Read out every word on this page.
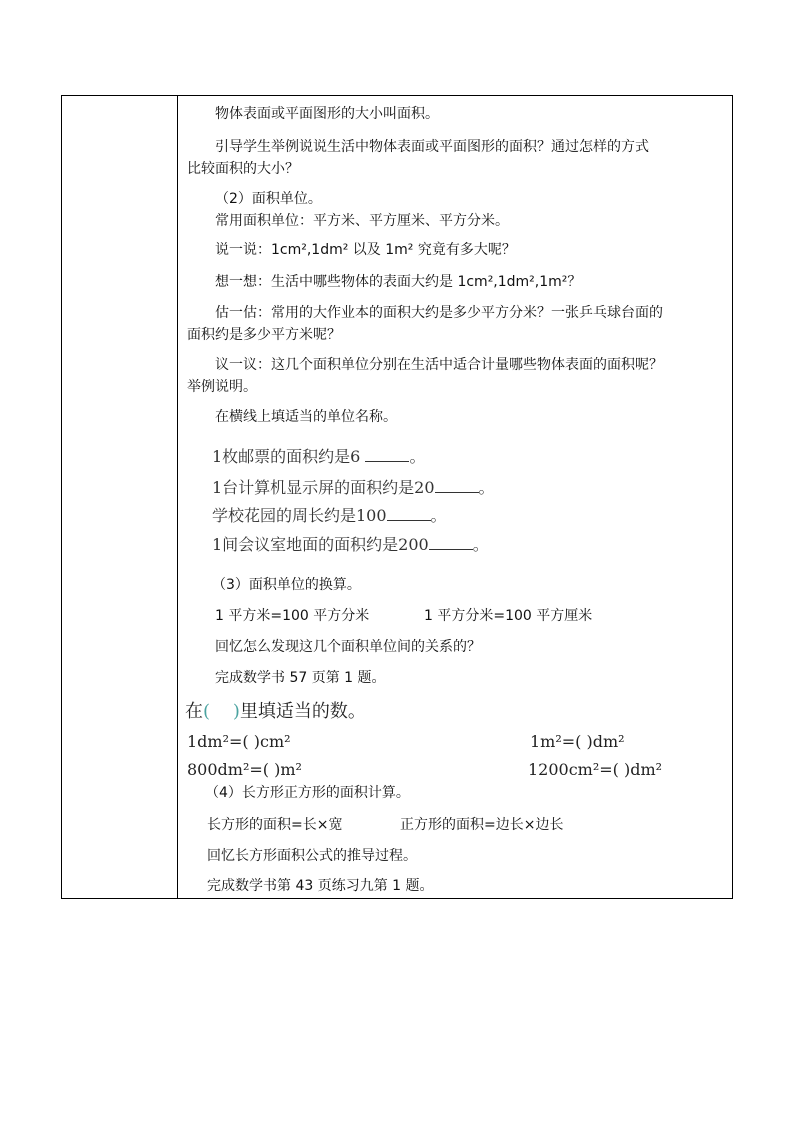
物体表面或平面图形的大小叫面积。
引导学生举例说说生活中物体表面或平面图形的面积？通过怎样的方式
比较面积的大小？
（2）面积单位。
常用面积单位：平方米、平方厘米、平方分米。
说一说：1cm²,1dm² 以及 1m² 究竟有多大呢？
想一想：生活中哪些物体的表面大约是 1cm²,1dm²,1m²？
估一估：常用的大作业本的面积大约是多少平方分米？一张乒乓球台面的
面积约是多少平方米呢？
议一议：这几个面积单位分别在生活中适合计量哪些物体表面的面积呢？
举例说明。
在横线上填适当的单位名称。
1枚邮票的面积约是6	。
1台计算机显示屏的面积约是20	。
学校花园的周长约是100	。
1间会议室地面的面积约是200	。
（3）面积单位的换算。
1 平方米=100 平方分米	1 平方分米=100 平方厘米
回忆怎么发现这几个面积单位间的关系的？
完成数学书 57 页第 1 题。
在(    )里填适当的数。
1dm²=( )cm²	1m²=( )dm²
800dm²=( )m²	1200cm²=( )dm²
（4）长方形正方形的面积计算。
长方形的面积=长×宽	正方形的面积=边长×边长
回忆长方形面积公式的推导过程。
完成数学书第 43 页练习九第 1 题。
